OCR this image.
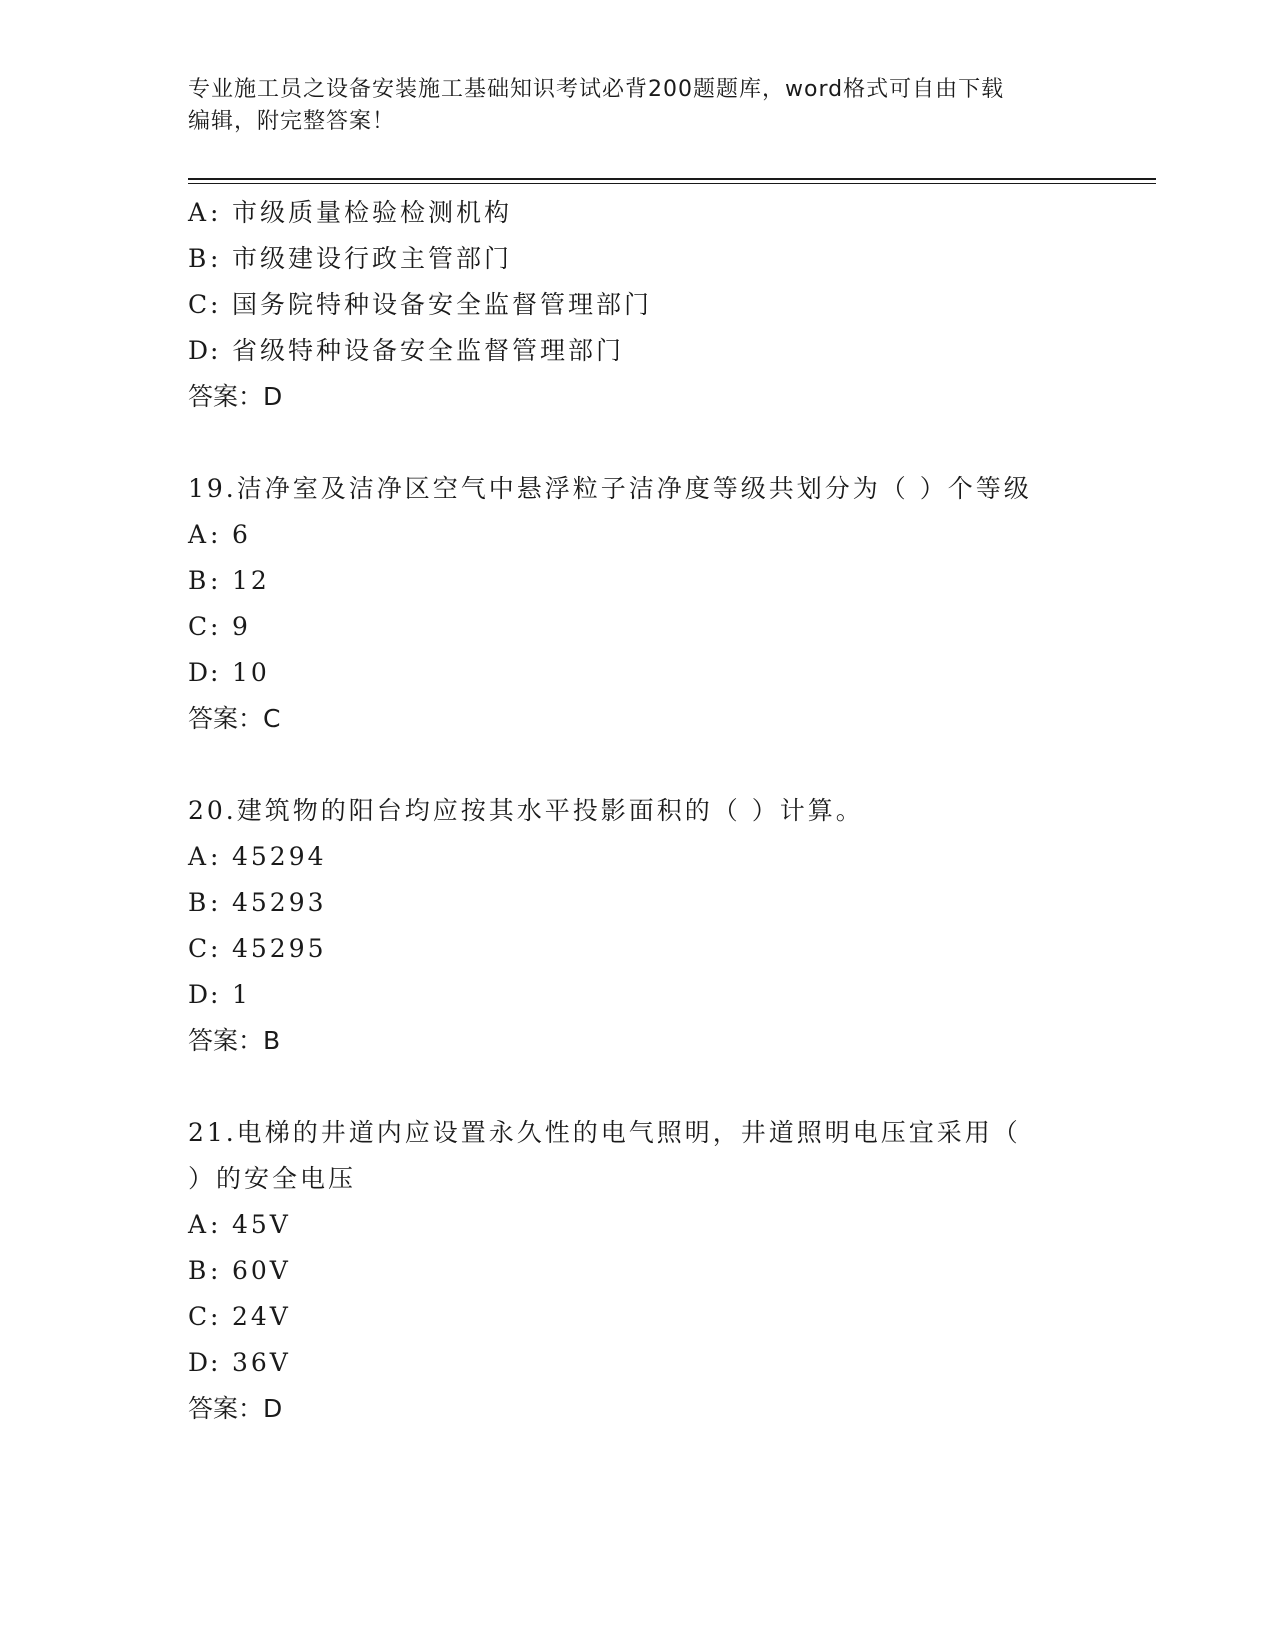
专业施工员之设备安装施工基础知识考试必背200题题库，word格式可自由下载
编辑，附完整答案！

A: 市级质量检验检测机构

B: 市级建设行政主管部门

C: 国务院特种设备安全监督管理部门

D: 省级特种设备安全监督管理部门

答案：D

19.洁净室及洁净区空气中悬浮粒子洁净度等级共划分为（ ）个等级

A: 6

B: 12

C: 9

D: 10

答案：C

20.建筑物的阳台均应按其水平投影面积的（ ）计算。

A: 45294

B: 45293

C: 45295

D: 1

答案：B

21.电梯的井道内应设置永久性的电气照明，井道照明电压宜采用（

）的安全电压

A: 45V

B: 60V

C: 24V

D: 36V

答案：D
